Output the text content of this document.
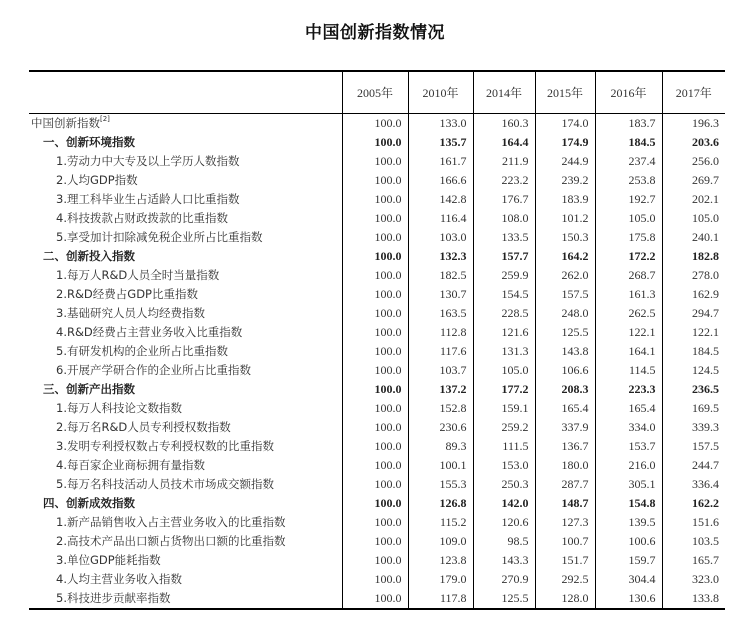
中国创新指数情况
	2005年	2010年	2014年	2015年	2016年	2017年
中国创新指数[2]	100.0	133.0	160.3	174.0	183.7	196.3
一、创新环境指数	100.0	135.7	164.4	174.9	184.5	203.6
1.劳动力中大专及以上学历人数指数	100.0	161.7	211.9	244.9	237.4	256.0
2.人均GDP指数	100.0	166.6	223.2	239.2	253.8	269.7
3.理工科毕业生占适龄人口比重指数	100.0	142.8	176.7	183.9	192.7	202.1
4.科技拨款占财政拨款的比重指数	100.0	116.4	108.0	101.2	105.0	105.0
5.享受加计扣除减免税企业所占比重指数	100.0	103.0	133.5	150.3	175.8	240.1
二、创新投入指数	100.0	132.3	157.7	164.2	172.2	182.8
1.每万人R&D人员全时当量指数	100.0	182.5	259.9	262.0	268.7	278.0
2.R&D经费占GDP比重指数	100.0	130.7	154.5	157.5	161.3	162.9
3.基础研究人员人均经费指数	100.0	163.5	228.5	248.0	262.5	294.7
4.R&D经费占主营业务收入比重指数	100.0	112.8	121.6	125.5	122.1	122.1
5.有研发机构的企业所占比重指数	100.0	117.6	131.3	143.8	164.1	184.5
6.开展产学研合作的企业所占比重指数	100.0	103.7	105.0	106.6	114.5	124.5
三、创新产出指数	100.0	137.2	177.2	208.3	223.3	236.5
1.每万人科技论文数指数	100.0	152.8	159.1	165.4	165.4	169.5
2.每万名R&D人员专利授权数指数	100.0	230.6	259.2	337.9	334.0	339.3
3.发明专利授权数占专利授权数的比重指数	100.0	89.3	111.5	136.7	153.7	157.5
4.每百家企业商标拥有量指数	100.0	100.1	153.0	180.0	216.0	244.7
5.每万名科技活动人员技术市场成交额指数	100.0	155.3	250.3	287.7	305.1	336.4
四、创新成效指数	100.0	126.8	142.0	148.7	154.8	162.2
1.新产品销售收入占主营业务收入的比重指数	100.0	115.2	120.6	127.3	139.5	151.6
2.高技术产品出口额占货物出口额的比重指数	100.0	109.0	98.5	100.7	100.6	103.5
3.单位GDP能耗指数	100.0	123.8	143.3	151.7	159.7	165.7
4.人均主营业务收入指数	100.0	179.0	270.9	292.5	304.4	323.0
5.科技进步贡献率指数	100.0	117.8	125.5	128.0	130.6	133.8
